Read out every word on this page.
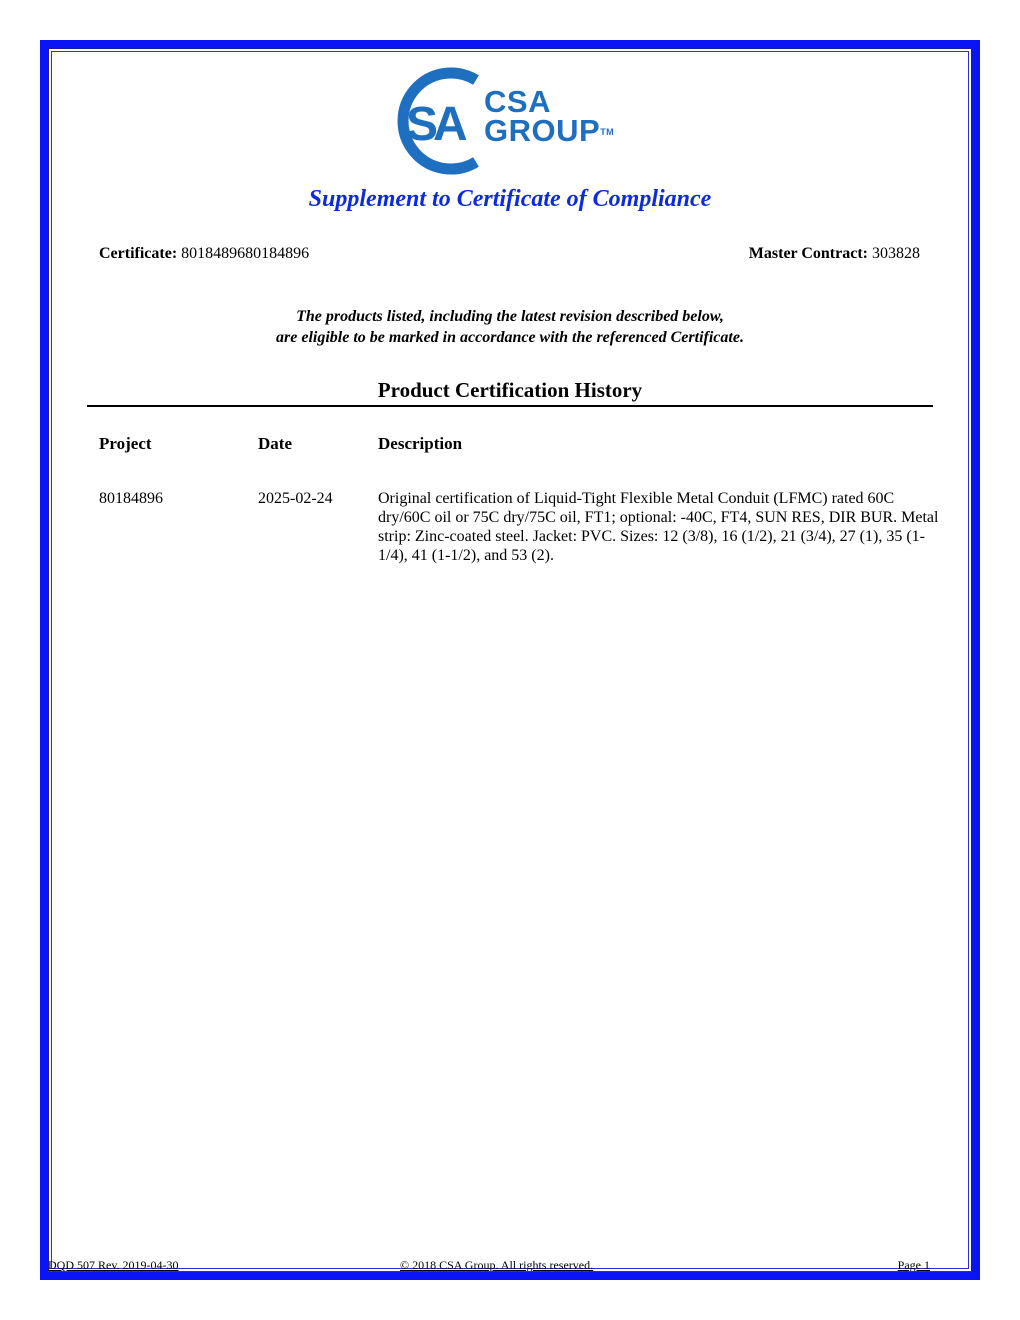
S
A CSA
GROUP™
Supplement to Certificate of Compliance
Certificate: 8018489680184896	Master Contract: 303828
The products listed, including the latest revision described below,
are eligible to be marked in accordance with the referenced Certificate.
Product Certification History
Project	Date	Description
80184896	2025-02-24	Original certification of Liquid-Tight Flexible Metal Conduit (LFMC) rated 60C dry/60C oil or 75C dry/75C oil, FT1; optional: -40C, FT4, SUN RES, DIR BUR. Metal strip: Zinc-coated steel. Jacket: PVC. Sizes: 12 (3/8), 16 (1/2), 21 (3/4), 27 (1), 35 (1-1/4), 41 (1-1/2), and 53 (2).
DQD 507 Rev. 2019-04-30	© 2018 CSA Group. All rights reserved.	Page 1
